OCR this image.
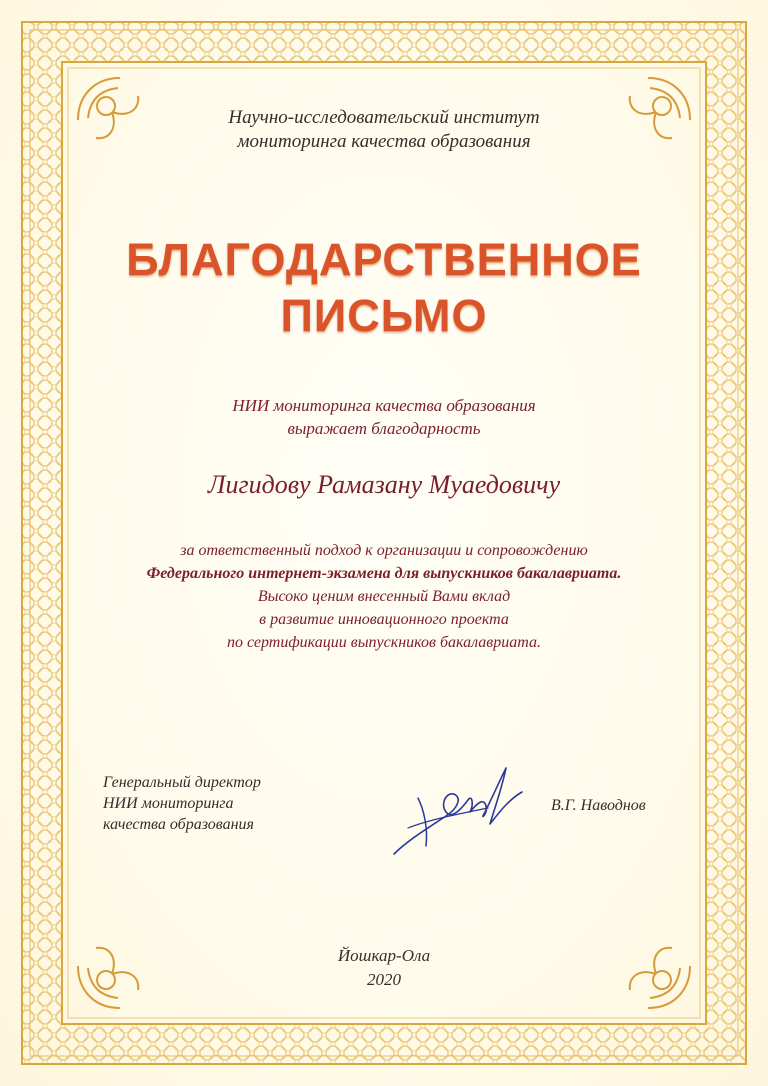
Научно-исследовательский институт
мониторинга качества образования
БЛАГОДАРСТВЕННОЕ
ПИСЬМО
НИИ мониторинга качества образования
выражает благодарность
Лигидову Рамазану Муаедовичу
за ответственный подход к организации и сопровождению
Федерального интернет-экзамена для выпускников бакалавриата.
Высоко ценим внесенный Вами вклад
в развитие инновационного проекта
по сертификации выпускников бакалавриата.
Генеральный директор
НИИ мониторинга
качества образования
В.Г. Наводнов
Йошкар-Ола
2020
